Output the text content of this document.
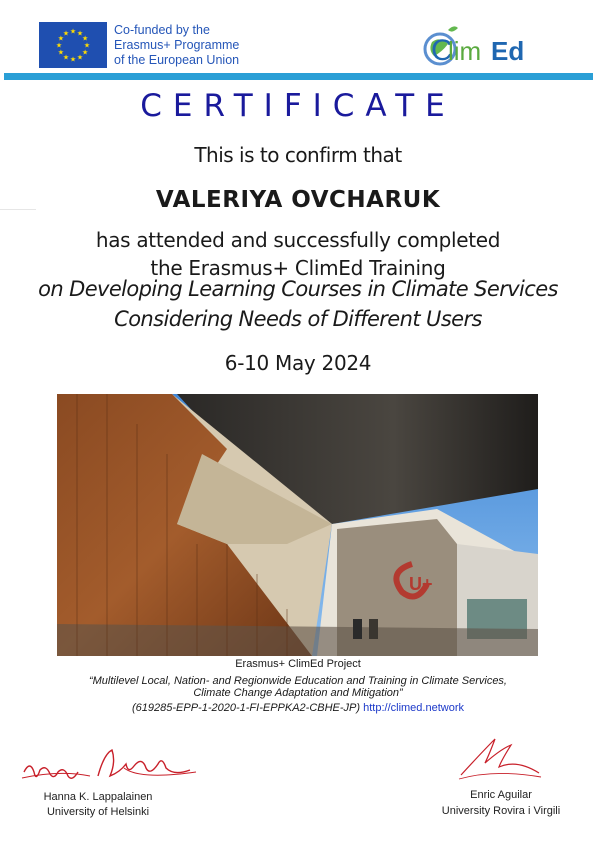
★ ★
★
★
★
★
★
★
★
★
★
★	Co-funded by the
Erasmus+ Programme
of the European Union	C
lim Ed
CERTIFICATE
This is to confirm that
VALERIYA OVCHARUK
has attended and successfully completed
the Erasmus+ ClimEd Training
on Developing Learning Courses in Climate Services
Considering Needs of Different Users
6-10 May 2024
U+
Erasmus+ ClimEd Project
“Multilevel Local, Nation- and Regionwide Education and Training in Climate Services,
Climate Change Adaptation and Mitigation”
(619285-EPP-1-2020-1-FI-EPPKA2-CBHE-JP) http://climed.network
Hanna K. Lappalainen
University of Helsinki
Enric Aguilar
University Rovira i Virgili
